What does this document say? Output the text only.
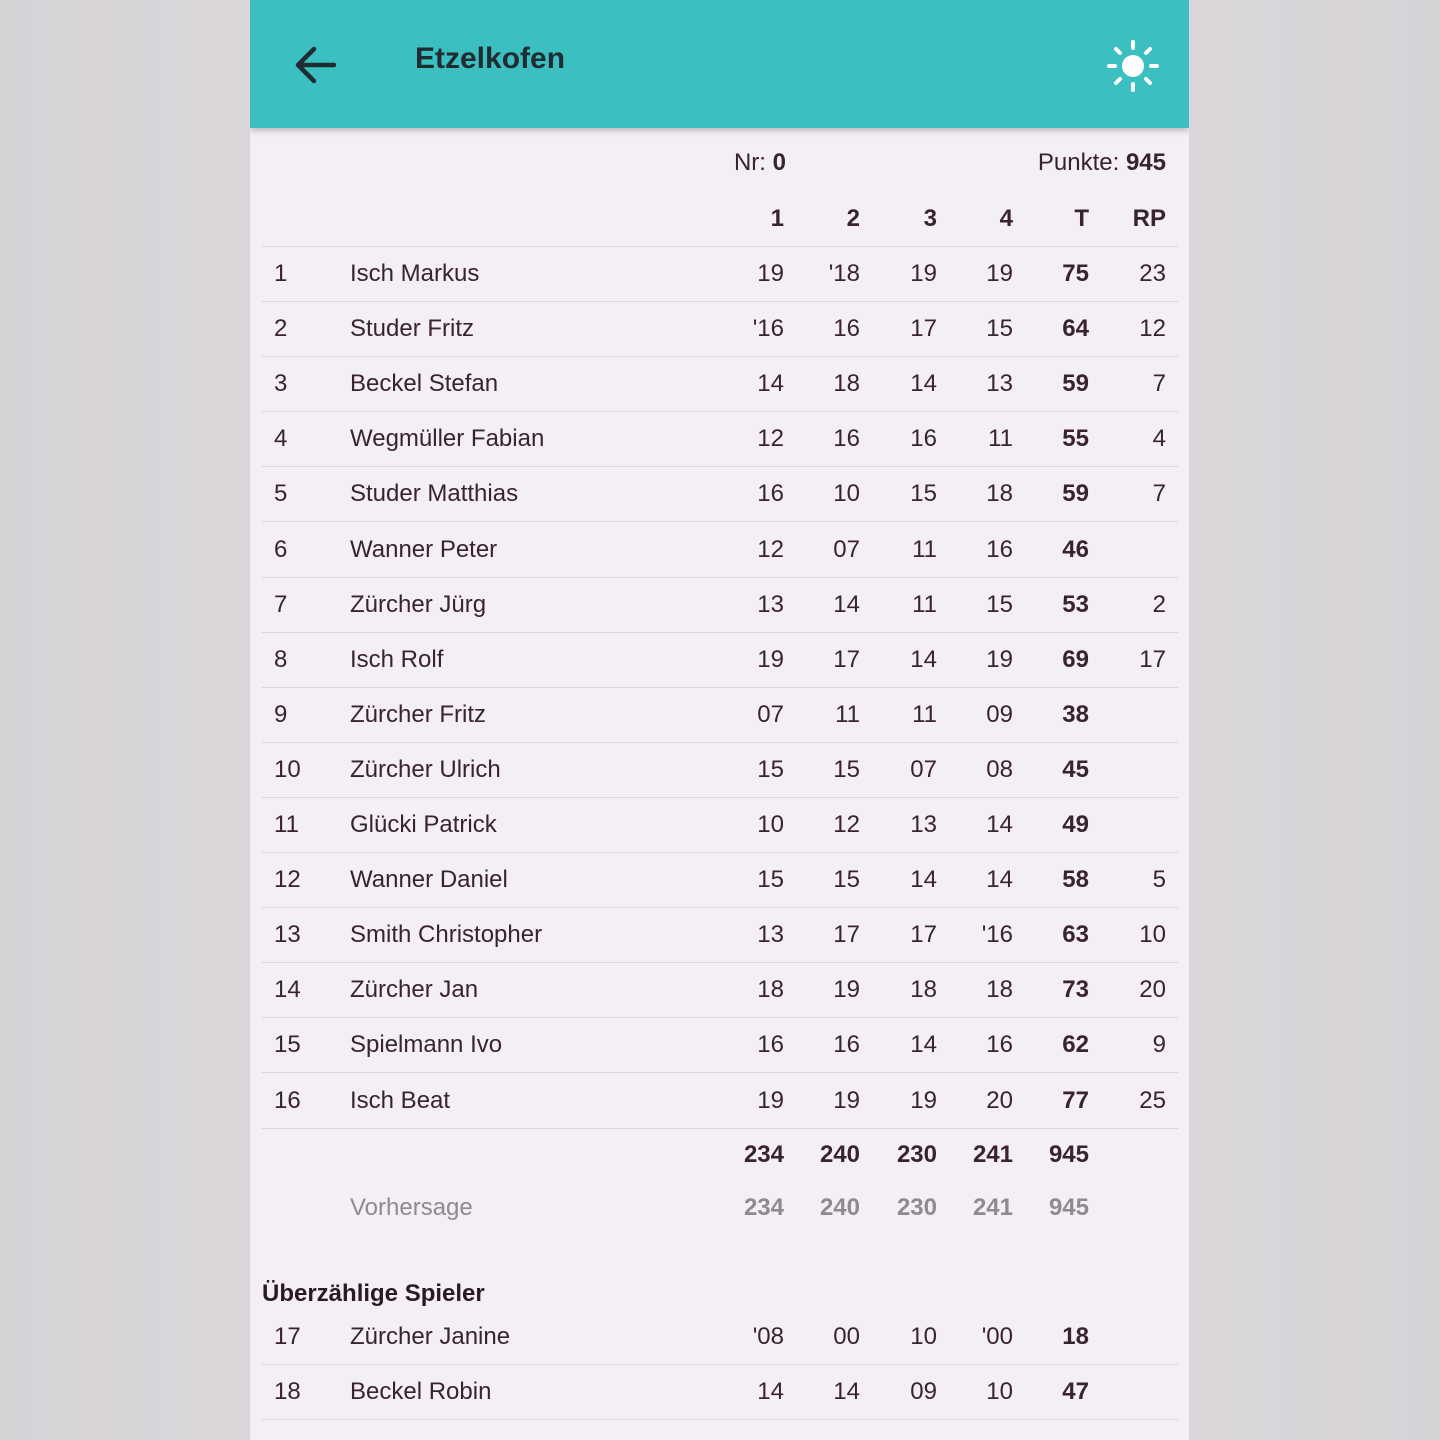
Etzelkofen
Nr: 0	Punkte: 945
1	2	3	4	T	RP
1	Isch Markus	19	'18	19	19	75	23
2	Studer Fritz	'16	16	17	15	64	12
3	Beckel Stefan	14	18	14	13	59	7
4	Wegmüller Fabian	12	16	16	11	55	4
5	Studer Matthias	16	10	15	18	59	7
6	Wanner Peter	12	07	11	16	46
7	Zürcher Jürg	13	14	11	15	53	2
8	Isch Rolf	19	17	14	19	69	17
9	Zürcher Fritz	07	11	11	09	38
10 Zürcher Ulrich	15	15	07	08	45
11 Glücki Patrick	10	12	13	14	49
12 Wanner Daniel	15	15	14	14	58	5
13 Smith Christopher	13	17	17	'16	63	10
14 Zürcher Jan	18	19	18	18	73	20
15 Spielmann Ivo	16	16	14	16	62	9
16 Isch Beat	19	19	19	20	77	25
234	240	230	241	945
Vorhersage	234	240	230	241	945
Überzählige Spieler
17 Zürcher Janine	'08	00	10	'00	18
18 Beckel Robin	14	14	09	10	47
